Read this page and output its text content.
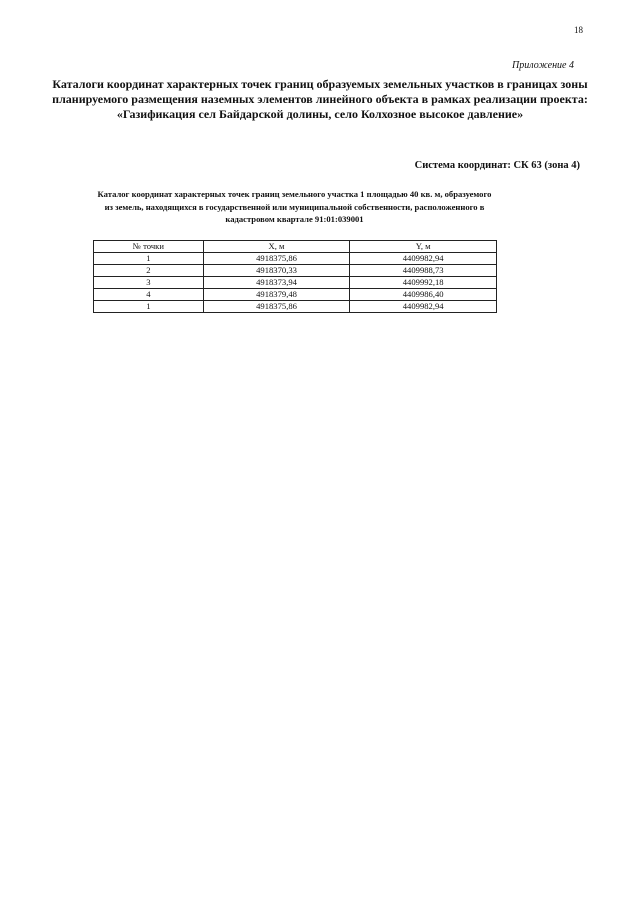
18
Приложение 4
Каталоги координат характерных точек границ образуемых земельных участков в границах зоны планируемого размещения наземных элементов линейного объекта в рамках реализации проекта: «Газификация сел Байдарской долины, село Колхозное высокое давление»
Система координат: СК 63 (зона 4)
Каталог координат характерных точек границ земельного участка 1 площадью 40 кв. м, образуемого из земель, находящихся в государственной или муниципальной собственности, расположенного в кадастровом квартале 91:01:039001
№ точки	X, м	Y, м
1	4918375,86	4409982,94
2	4918370,33	4409988,73
3	4918373,94	4409992,18
4	4918379,48	4409986,40
1	4918375,86	4409982,94
